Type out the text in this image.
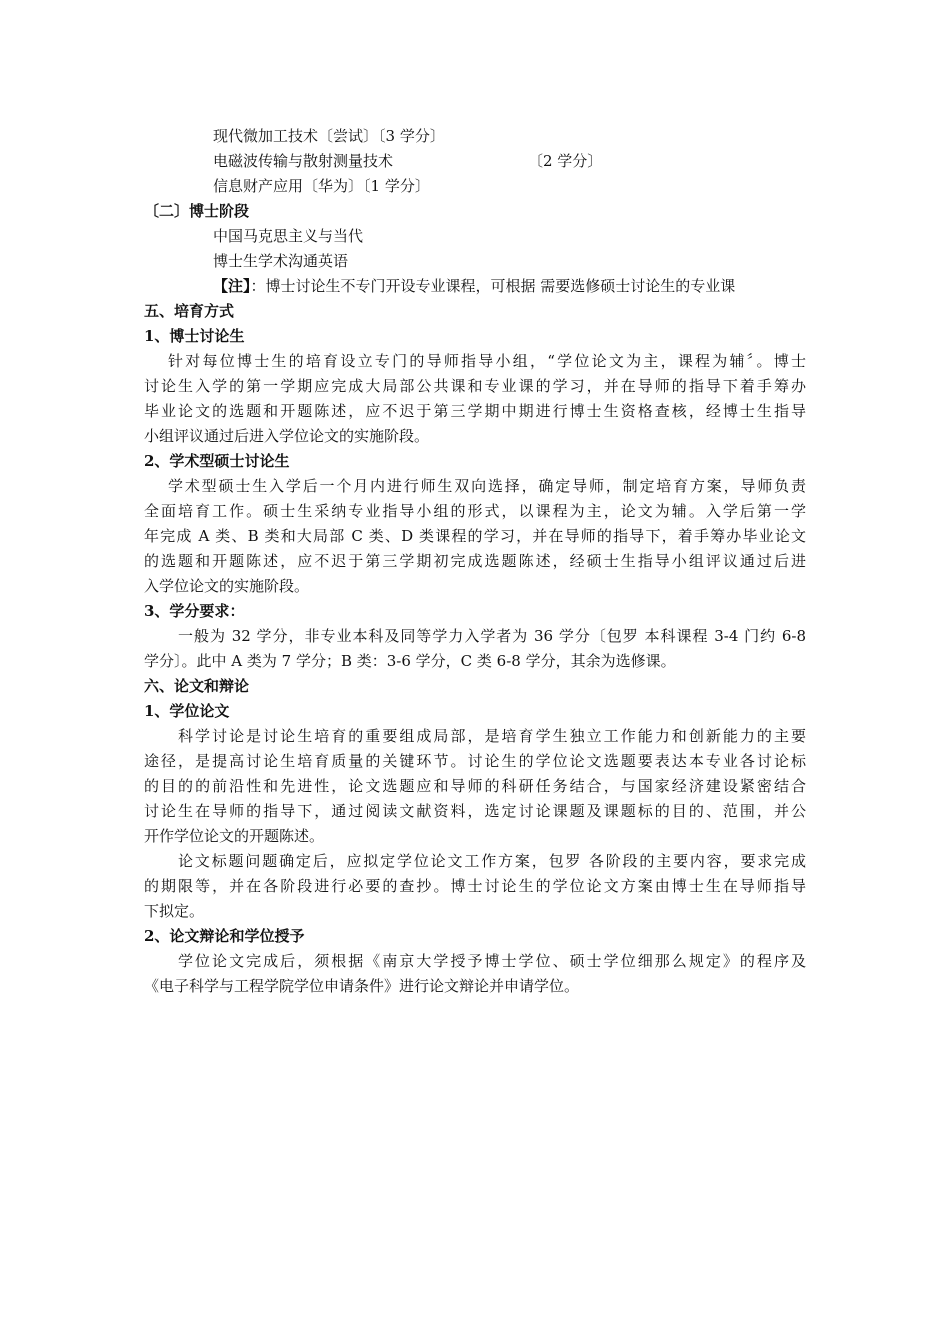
现代微加工技术〔尝试〕〔3 学分〕
电磁波传输与散射测量技术	〔2 学分〕
信息财产应用〔华为〕〔1 学分〕
〔二〕博士阶段
中国马克思主义与当代
博士生学术沟通英语
【注】：博士讨论生不专门开设专业课程，可根据 需要选修硕士讨论生的专业课
五、培育方式
1、博士讨论生
针对每位博士生的培育设立专门的导师指导小组，“学位论文为主，课程为辅〞。博士
讨论生入学的第一学期应完成大局部公共课和专业课的学习，并在导师的指导下着手筹办
毕业论文的选题和开题陈述，应不迟于第三学期中期进行博士生资格查核，经博士生指导
小组评议通过后进入学位论文的实施阶段。
2、学术型硕士讨论生
学术型硕士生入学后一个月内进行师生双向选择，确定导师，制定培育方案，导师负责
全面培育工作。硕士生采纳专业指导小组的形式，以课程为主，论文为辅。入学后第一学
年完成 A 类、B 类和大局部 C 类、D 类课程的学习，并在导师的指导下，着手筹办毕业论文
的选题和开题陈述，应不迟于第三学期初完成选题陈述，经硕士生指导小组评议通过后进
入学位论文的实施阶段。
3、学分要求：
一般为 32 学分，非专业本科及同等学力入学者为 36 学分〔包罗 本科课程 3-4 门约 6-8
学分〕。此中 A 类为 7 学分；B 类：3-6 学分，C 类 6-8 学分，其余为选修课。
六、论文和辩论
1、学位论文
科学讨论是讨论生培育的重要组成局部，是培育学生独立工作能力和创新能力的主要
途径，是提高讨论生培育质量的关键环节。讨论生的学位论文选题要表达本专业各讨论标
的目的的前沿性和先进性，论文选题应和导师的科研任务结合，与国家经济建设紧密结合
讨论生在导师的指导下，通过阅读文献资料，选定讨论课题及课题标的目的、范围，并公
开作学位论文的开题陈述。
论文标题问题确定后，应拟定学位论文工作方案，包罗 各阶段的主要内容，要求完成
的期限等，并在各阶段进行必要的查抄。博士讨论生的学位论文方案由博士生在导师指导
下拟定。
2、论文辩论和学位授予
学位论文完成后，须根据《南京大学授予博士学位、硕士学位细那么规定》的程序及
《电子科学与工程学院学位申请条件》进行论文辩论并申请学位。
